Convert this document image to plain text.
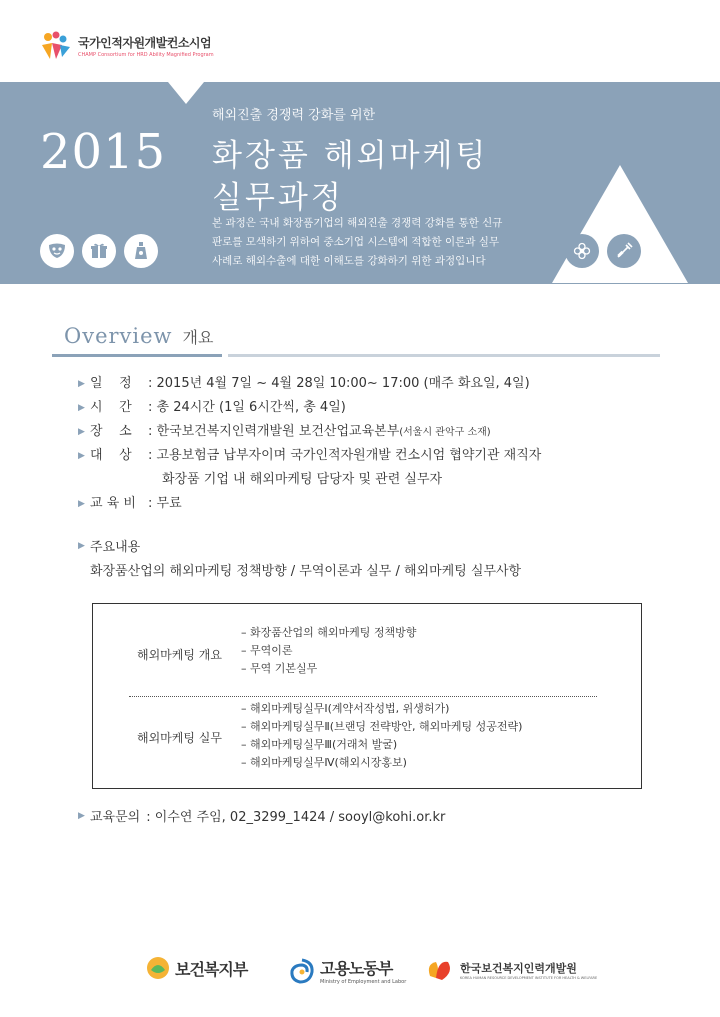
국가인적자원개발컨소시엄
CHAMP Consortium for HRD Ability Magnified Program
2015
해외진출 경쟁력 강화를 위한
화장품 해외마케팅
실무과정
본 과정은 국내 화장품기업의 해외진출 경쟁력 강화를 통한 신규
판로를 모색하기 위하여 중소기업 시스템에 적합한 이론과 실무
사례로 해외수출에 대한 이해도를 강화하기 위한 과정입니다
Overview 개요
▶ 일    정	: 2015년 4월 7일 ~ 4월 28일 10:00~ 17:00 (매주 화요일, 4일)
▶ 시    간	: 총 24시간 (1일 6시간씩, 총 4일)
▶ 장    소	: 한국보건복지인력개발원 보건산업교육본부(서울시 관악구 소재)
▶ 대    상	: 고용보험금 납부자이며 국가인적자원개발 컨소시엄 협약기관 재직자
화장품 기업 내 해외마케팅 담당자 및 관련 실무자
▶ 교 육 비 : 무료
▶ 주요내용
화장품산업의 해외마케팅 정책방향 / 무역이론과 실무 / 해외마케팅 실무사항
해외마케팅 개요
– 화장품산업의 해외마케팅 정책방향
– 무역이론
– 무역 기본실무
해외마케팅 실무
– 해외마케팅실무Ⅰ(계약서작성법, 위생허가)
– 해외마케팅실무Ⅱ(브랜딩 전략방안, 해외마케팅 성공전략)
– 해외마케팅실무Ⅲ(거래처 발굴)
– 해외마케팅실무Ⅳ(해외시장홍보)
▶ 교육문의 : 이수연 주임, 02_3299_1424 / sooyl@kohi.or.kr
보건복지부	고용노동부
Ministry of Employment and Labor
한국보건복지인력개발원
KOREA HUMAN RESOURCE DEVELOPMENT INSTITUTE FOR HEALTH & WELFARE
